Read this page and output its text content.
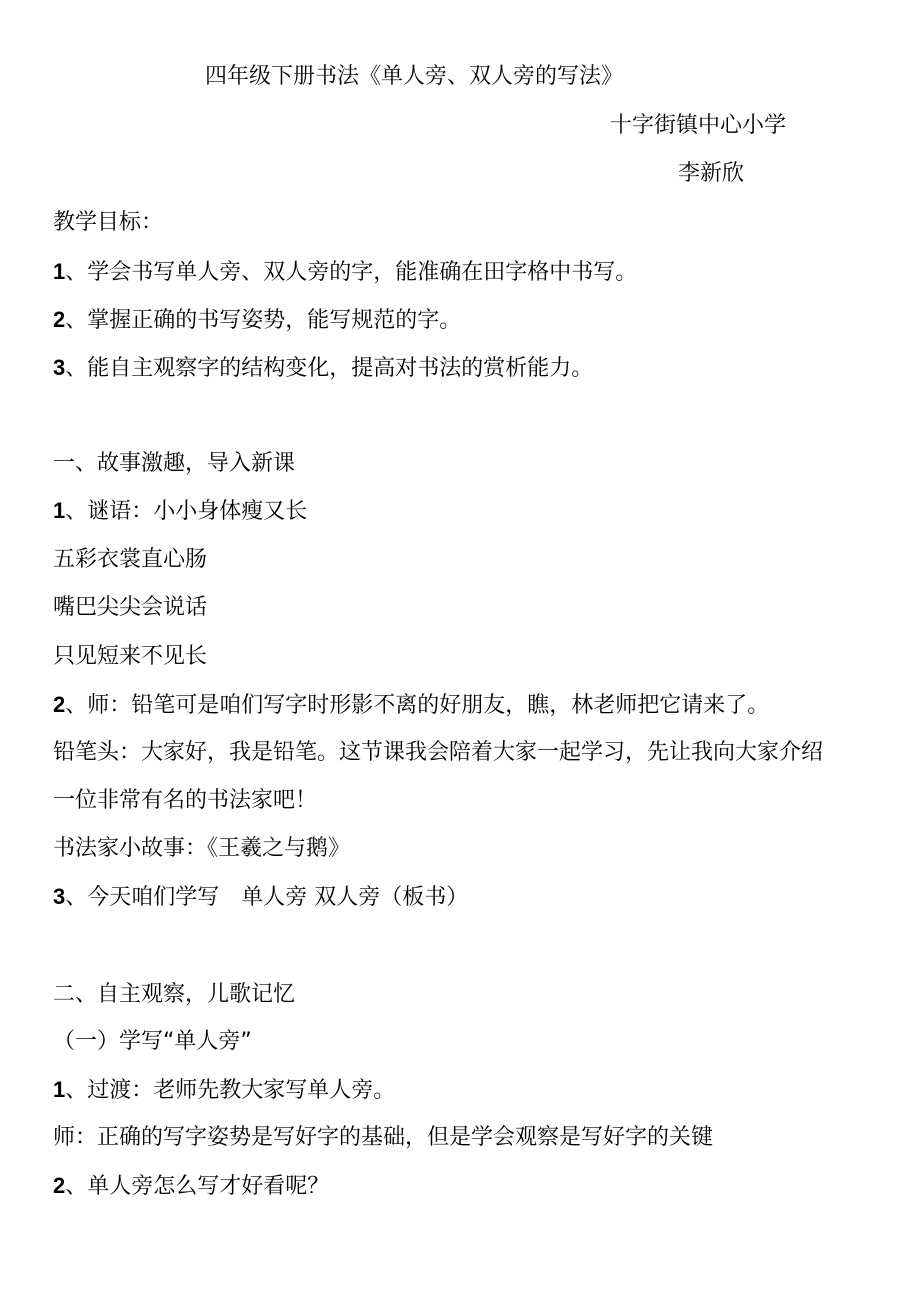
四年级下册书法《单人旁、双人旁的写法》
十字街镇中心小学
李新欣
教学目标：
1、学会书写单人旁、双人旁的字，能准确在田字格中书写。
2、掌握正确的书写姿势，能写规范的字。
3、能自主观察字的结构变化，提高对书法的赏析能力。
一、故事激趣，导入新课
1、谜语：小小身体瘦又长
五彩衣裳直心肠
嘴巴尖尖会说话
只见短来不见长
2、师：铅笔可是咱们写字时形影不离的好朋友，瞧，林老师把它请来了。
铅笔头：大家好，我是铅笔。这节课我会陪着大家一起学习，先让我向大家介绍
一位非常有名的书法家吧！
书法家小故事：《王羲之与鹅》
3、今天咱们学写　单人旁 双人旁（板书）
二、自主观察，儿歌记忆
（一）学写“单人旁”
1、过渡：老师先教大家写单人旁。
师：正确的写字姿势是写好字的基础，但是学会观察是写好字的关键
2、单人旁怎么写才好看呢？
